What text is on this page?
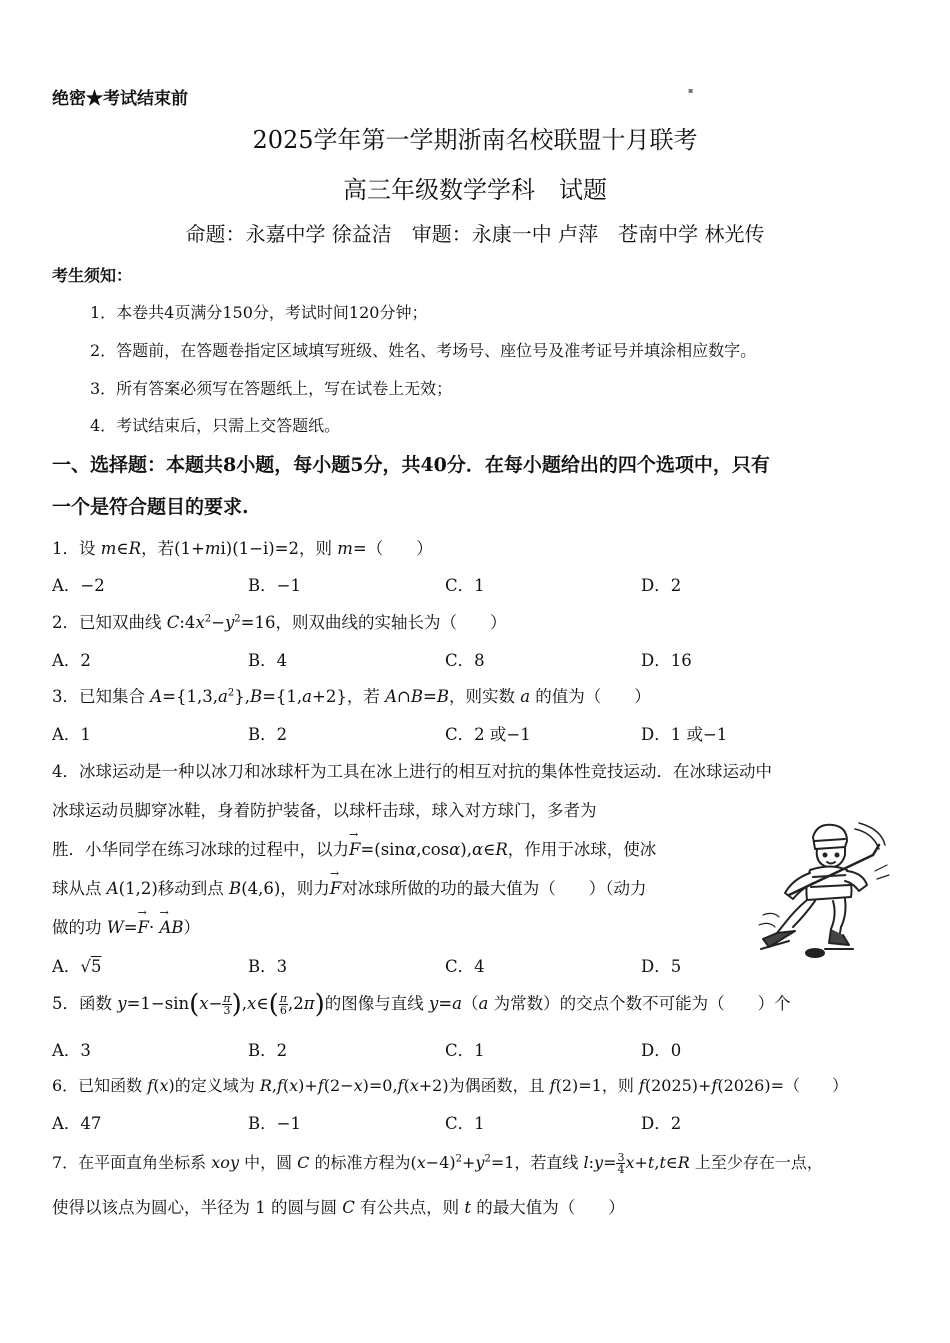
绝密★考试结束前	▪
2025学年第一学期浙南名校联盟十月联考
高三年级数学学科　试题
命题：永嘉中学 徐益洁　审题：永康一中 卢萍　苍南中学 林光传
考生须知：
1．本卷共4页满分150分，考试时间120分钟；
2．答题前，在答题卷指定区域填写班级、姓名、考场号、座位号及准考证号并填涂相应数字。
3．所有答案必须写在答题纸上，写在试卷上无效；
4．考试结束后，只需上交答题纸。
一、选择题：本题共8小题，每小题5分，共40分．在每小题给出的四个选项中，只有
一个是符合题目的要求.
1．设 m∈R，若(1+mi)(1−i)=2，则 m=（　　）
A．−2	B．−1	C．1	D．2
2．已知双曲线 $C:4x^2-y^2=16$，则双曲线的实轴长为（　　）
A．2	B．4	C．8	D．16
3．已知集合 $A=\{1,3,a^2\},B=\{1,a+2\}$，若 A∩B=B，则实数 a 的值为（　　）
A．1	B．2	C．2 或−1	D．1 或−1
4．冰球运动是一种以冰刀和冰球杆为工具在冰上进行的相互对抗的集体性竞技运动．在冰球运动中
冰球运动员脚穿冰鞋，身着防护装备，以球杆击球，球入对方球门，多者为
胜．小华同学在练习冰球的过程中，以力→ F=(sinα,cosα),α∈R，作用于冰球，使冰
球从点 A(1,2)移动到点 B(4,6)，则力→ F对冰球所做的功的最大值为（　　）（动力
做的功 W=→ F· → AB）
A．√5	B．3	C．4	D．5
5．函数 $y=1-\sin(x- \frac{\pi}{3}$ ),x∈( $\frac{\pi}{6} ,2\pi$)的图像与直线 y=a（a 为常数）的交点个数不可能为（　　）个
A．3	B．2	C．1	D．0
6．已知函数 f(x)的定义域为 R,f(x)+f(2−x)=0,f(x+2)为偶函数，且 f(2)=1，则 f(2025)+f(2026)=（　　）
A．47	B．−1	C．1	D．2
7．在平面直角坐标系 xoy 中，圆 C 的标准方程为$(x-4)^2+y^2=1$，若直线 l:y= $\frac{3}{4}$ x+t,t∈R 上至少存在一点，
使得以该点为圆心，半径为 1 的圆与圆 C 有公共点，则 t 的最大值为（　　）
